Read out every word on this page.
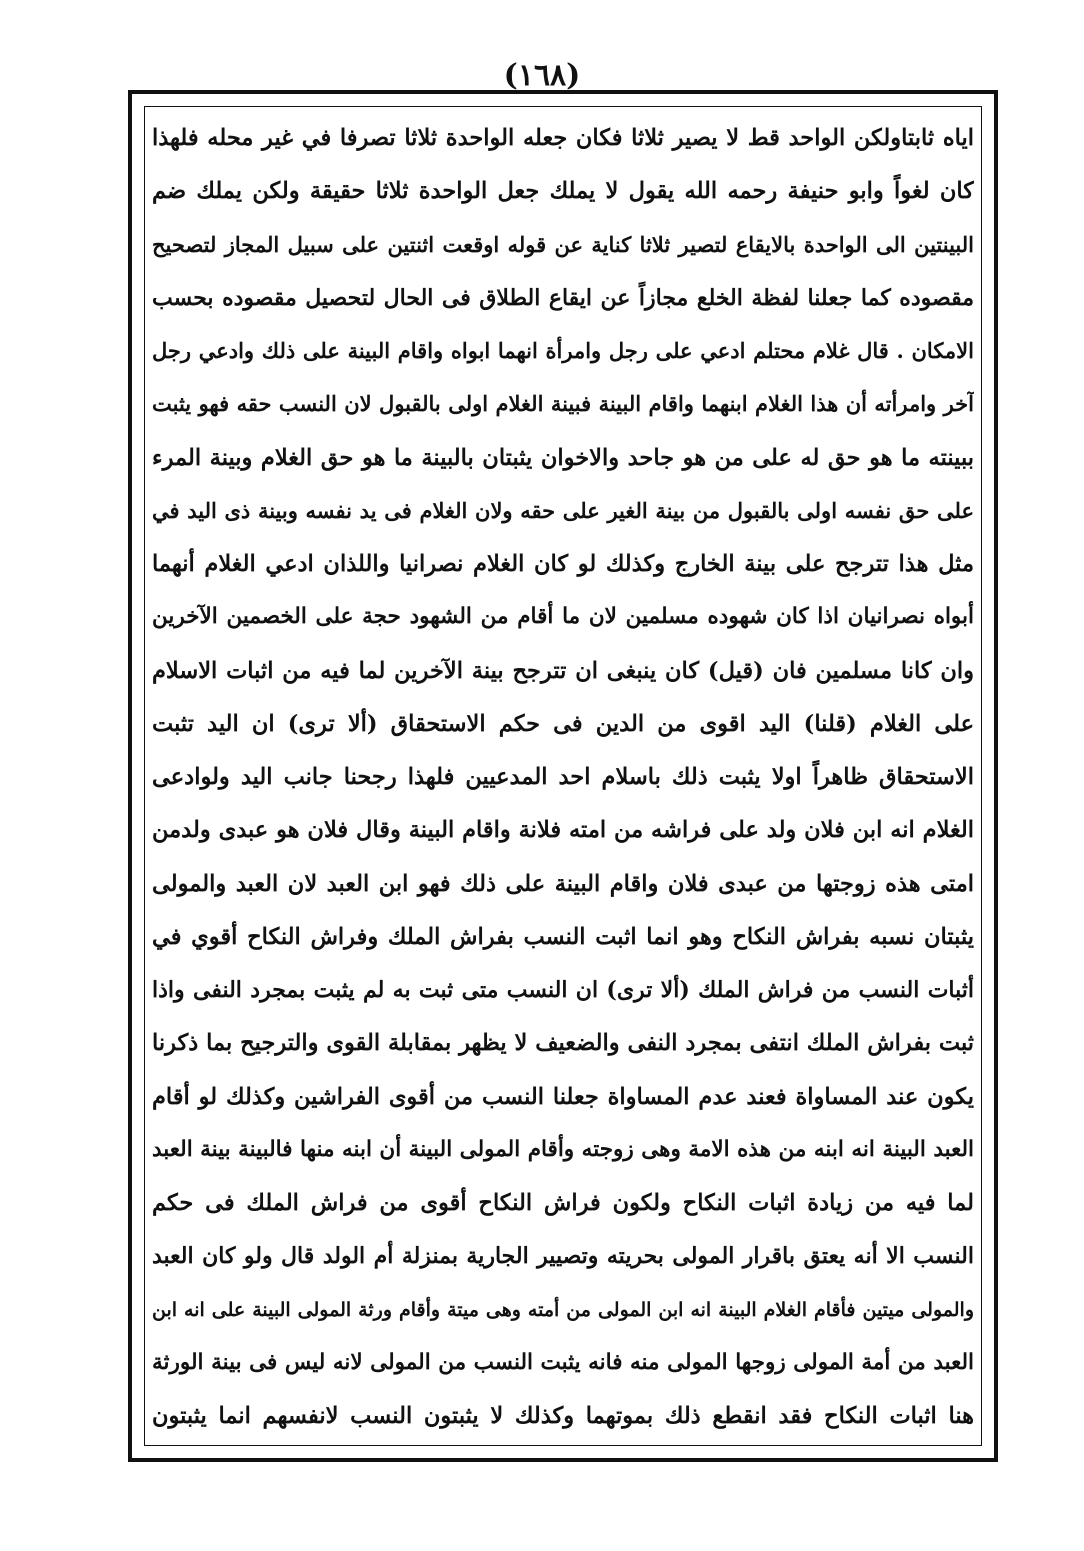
(١٦٨)
اياه ثابتاولكن الواحد قط لا يصير ثلاثا فكان جعله الواحدة ثلاثا تصرفا في غير محله فلهذا
كان لغواً وابو حنيفة رحمه الله يقول لا يملك جعل الواحدة ثلاثا حقيقة ولكن يملك ضم
البينتين الى الواحدة بالايقاع لتصير ثلاثا كناية عن قوله اوقعت اثنتين على سبيل المجاز لتصحيح
مقصوده كما جعلنا لفظة الخلع مجازاً عن ايقاع الطلاق فى الحال لتحصيل مقصوده بحسب
الامكان . قال غلام محتلم ادعي على رجل وامرأة انهما ابواه واقام البينة على ذلك وادعي رجل
آخر وامرأته أن هذا الغلام ابنهما واقام البينة فبينة الغلام اولى بالقبول لان النسب حقه فهو يثبت
ببينته ما هو حق له على من هو جاحد والاخوان يثبتان بالبينة ما هو حق الغلام وبينة المرء
على حق نفسه اولى بالقبول من بينة الغير على حقه ولان الغلام فى يد نفسه وبينة ذى اليد في
مثل هذا تترجح على بينة الخارج وكذلك لو كان الغلام نصرانيا واللذان ادعي الغلام أنهما
أبواه نصرانيان اذا كان شهوده مسلمين لان ما أقام من الشهود حجة على الخصمين الآخرين
وان كانا مسلمين فان (قيل) كان ينبغى ان تترجح بينة الآخرين لما فيه من اثبات الاسلام
على الغلام (قلنا) اليد اقوى من الدين فى حكم الاستحقاق (ألا ترى) ان اليد تثبت
الاستحقاق ظاهراً اولا يثبت ذلك باسلام احد المدعيين فلهذا رجحنا جانب اليد ولوادعى
الغلام انه ابن فلان ولد على فراشه من امته فلانة واقام البينة وقال فلان هو عبدى ولدمن
امتى هذه زوجتها من عبدى فلان واقام البينة على ذلك فهو ابن العبد لان العبد والمولى
يثبتان نسبه بفراش النكاح وهو انما اثبت النسب بفراش الملك وفراش النكاح أقوي في
أثبات النسب من فراش الملك (ألا ترى) ان النسب متى ثبت به لم يثبت بمجرد النفى واذا
ثبت بفراش الملك انتفى بمجرد النفى والضعيف لا يظهر بمقابلة القوى والترجيح بما ذكرنا
يكون عند المساواة فعند عدم المساواة جعلنا النسب من أقوى الفراشين وكذلك لو أقام
العبد البينة انه ابنه من هذه الامة وهى زوجته وأقام المولى البينة أن ابنه منها فالبينة بينة العبد
لما فيه من زيادة اثبات النكاح ولكون فراش النكاح أقوى من فراش الملك فى حكم
النسب الا أنه يعتق باقرار المولى بحريته وتصيير الجارية بمنزلة أم الولد قال ولو كان العبد
والمولى ميتين فأقام الغلام البينة انه ابن المولى من أمته وهى ميتة وأقام ورثة المولى البينة على انه ابن
العبد من أمة المولى زوجها المولى منه فانه يثبت النسب من المولى لانه ليس فى بينة الورثة
هنا اثبات النكاح فقد انقطع ذلك بموتهما وكذلك لا يثبتون النسب لانفسهم انما يثبتون
